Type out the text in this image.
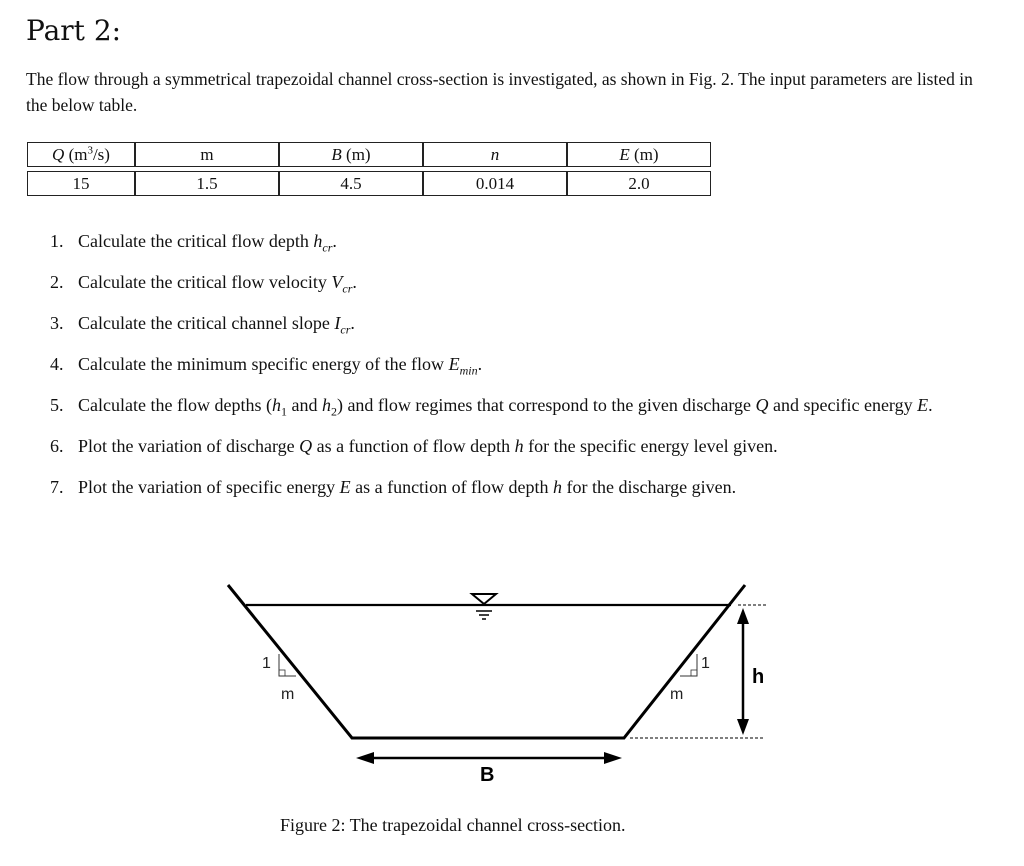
Part 2:

The flow through a symmetrical trapezoidal channel cross-section is investigated, as shown in Fig. 2. The input parameters are listed in the below table.

Q $(m^3/s)$	m	B (m)	n	E (m)

15	1.5	4.5	0.014	2.0
1. Calculate the critical flow depth $h_{cr}$.
2. Calculate the critical flow velocity $V_{cr}$.
3. Calculate the critical channel slope $I_{cr}$.
4. Calculate the minimum specific energy of the flow $E_{min}$.
5. Calculate the flow depths ($h_1$ and $h_2$) and flow regimes that correspond to the given discharge Q and specific energy E.
6. Plot the variation of discharge Q as a function of flow depth h for the specific energy level given.
7. Plot the variation of specific energy E as a function of flow depth h for the discharge given.
1
m
1
m
h
B
Figure 2: The trapezoidal channel cross-section.
